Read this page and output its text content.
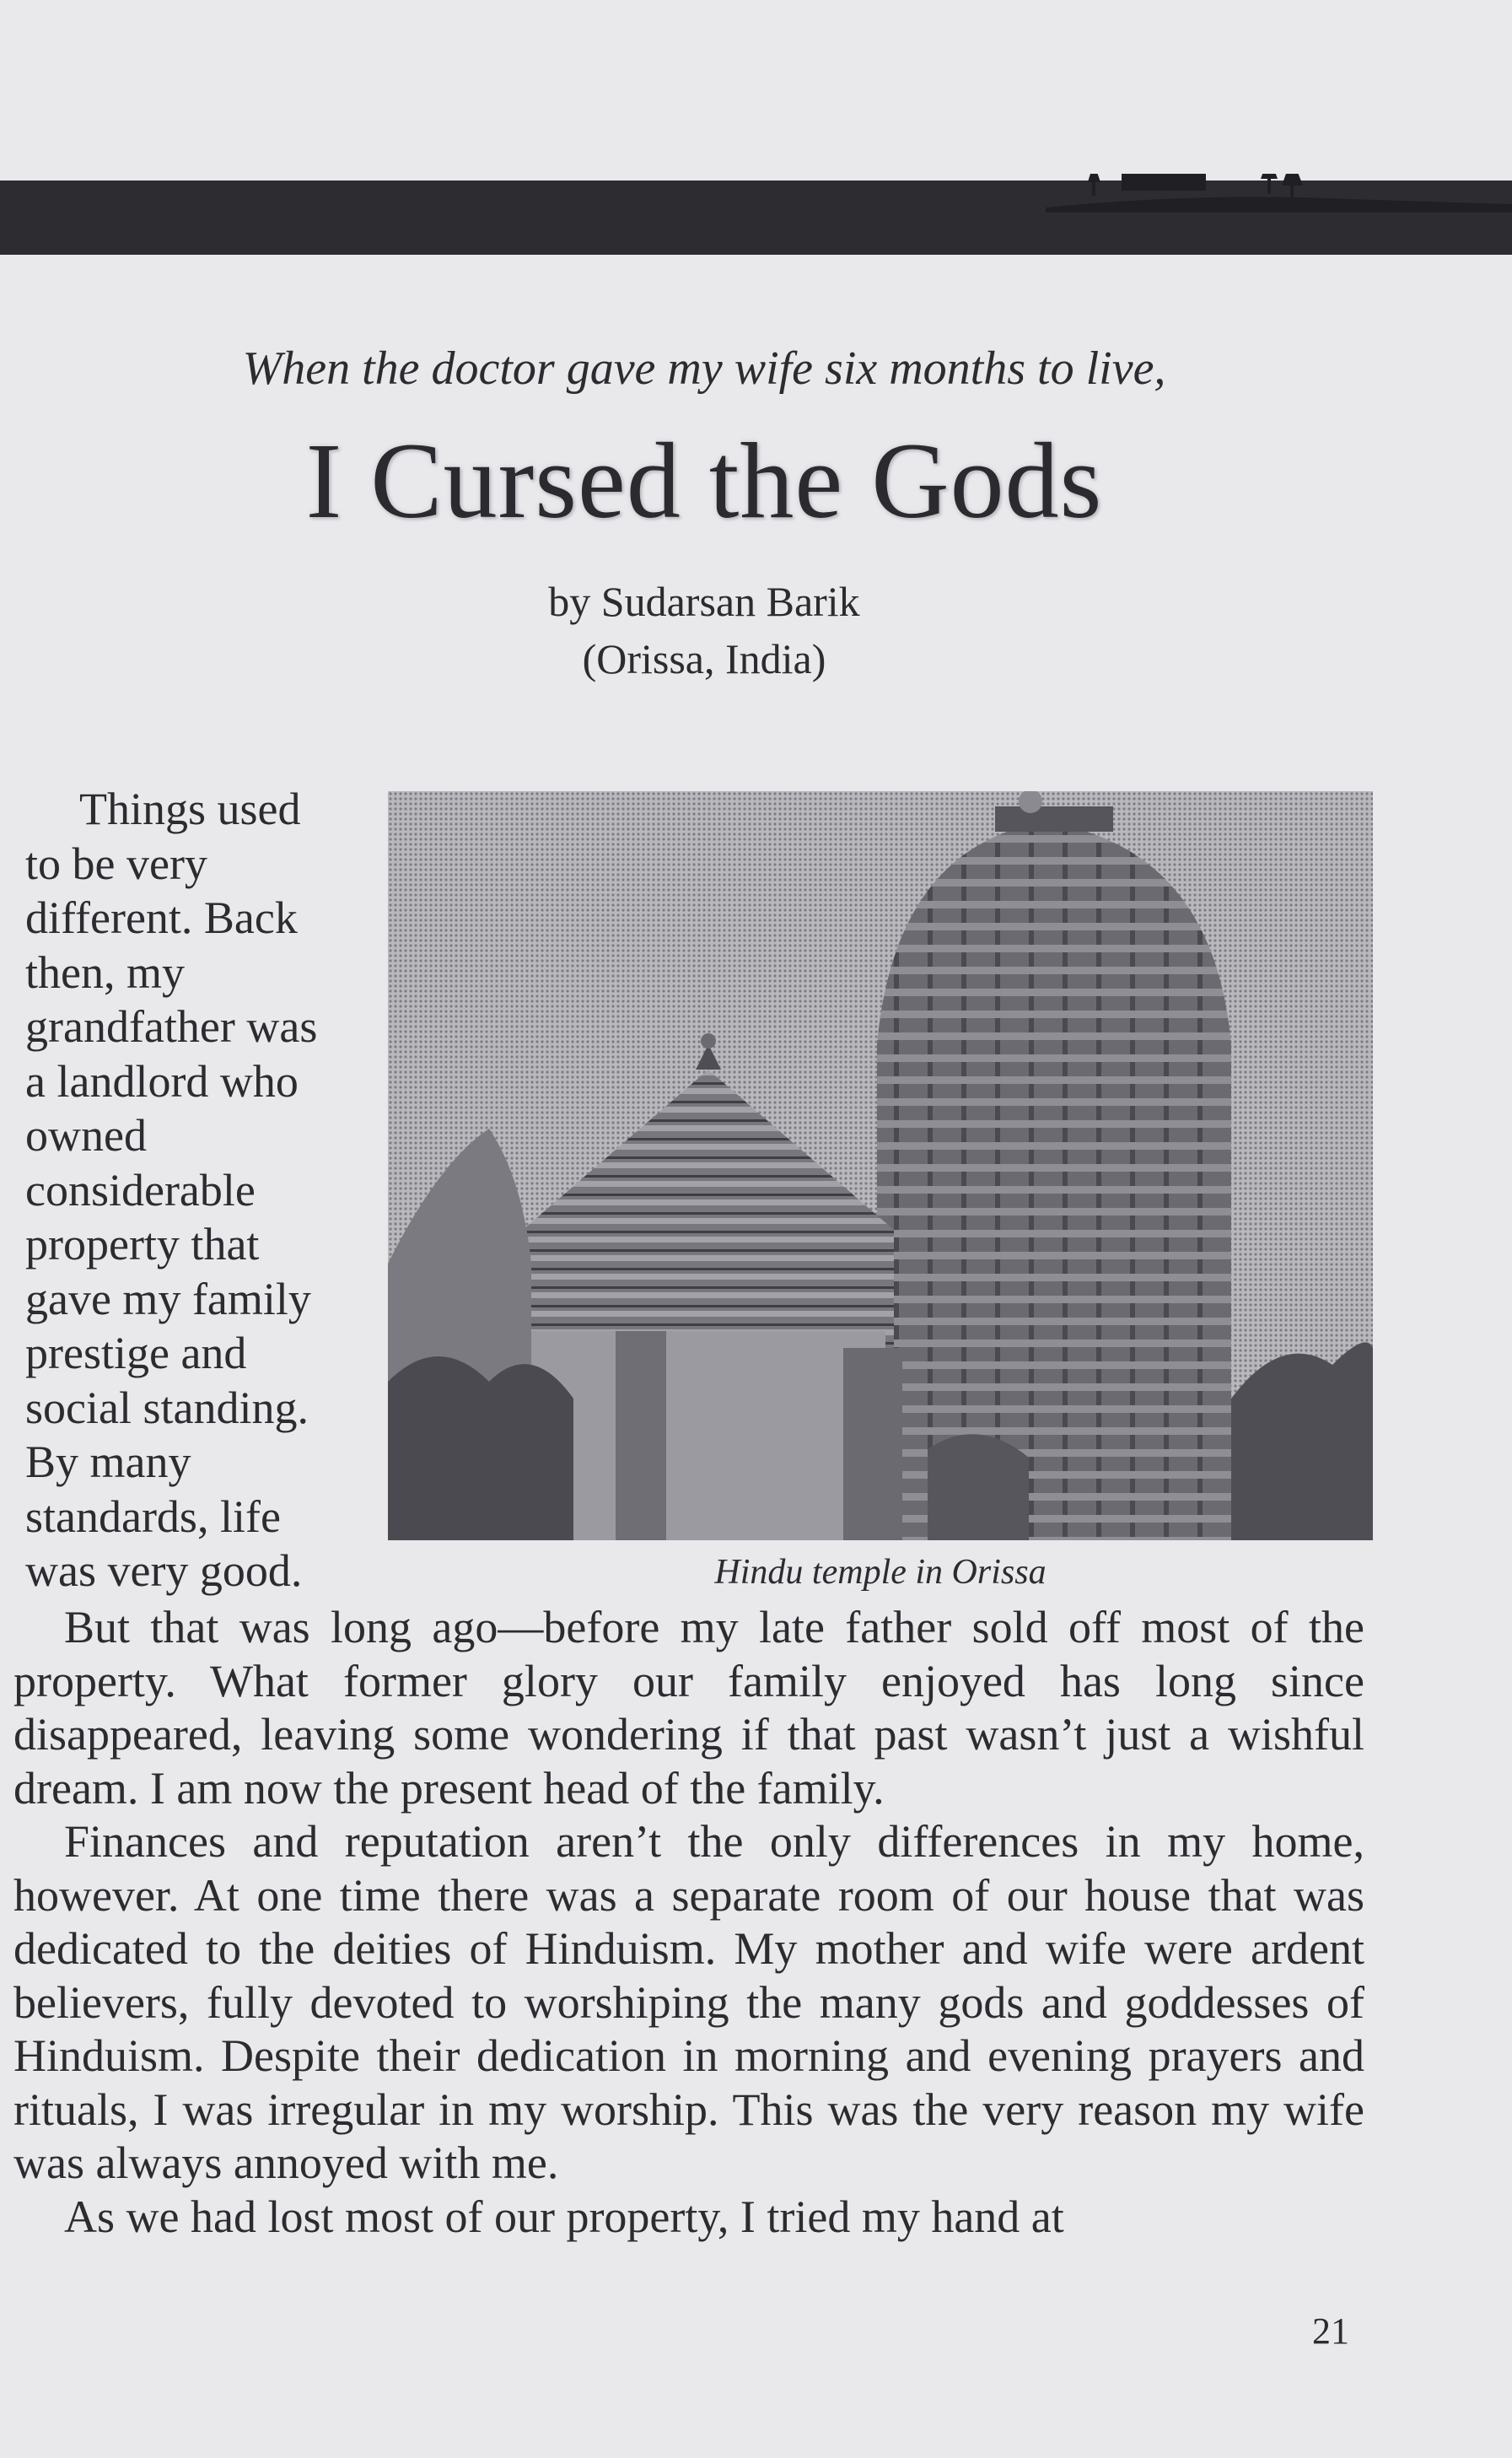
When the doctor gave my wife six months to live,
I Cursed the Gods
by Sudarsan Barik
(Orissa, India)
Things used
to be very
different. Back
then, my
grandfather was
a landlord who
owned
considerable
property that
gave my family
prestige and
social standing.
By many
standards, life
was very good.	Hindu temple in Orissa

But that was long ago—before my late father sold off most of the property. What former glory our family enjoyed has long since disappeared, leaving some wondering if that past wasn’t just a wishful dream. I am now the present head of the family.

Finances and reputation aren’t the only differences in my home, however. At one time there was a separate room of our house that was dedicated to the deities of Hinduism. My mother and wife were ardent believers, fully devoted to worshiping the many gods and goddesses of Hinduism. Despite their dedication in morning and evening prayers and rituals, I was irregular in my worship. This was the very reason my wife was always annoyed with me.

As we had lost most of our property, I tried my hand at

21
